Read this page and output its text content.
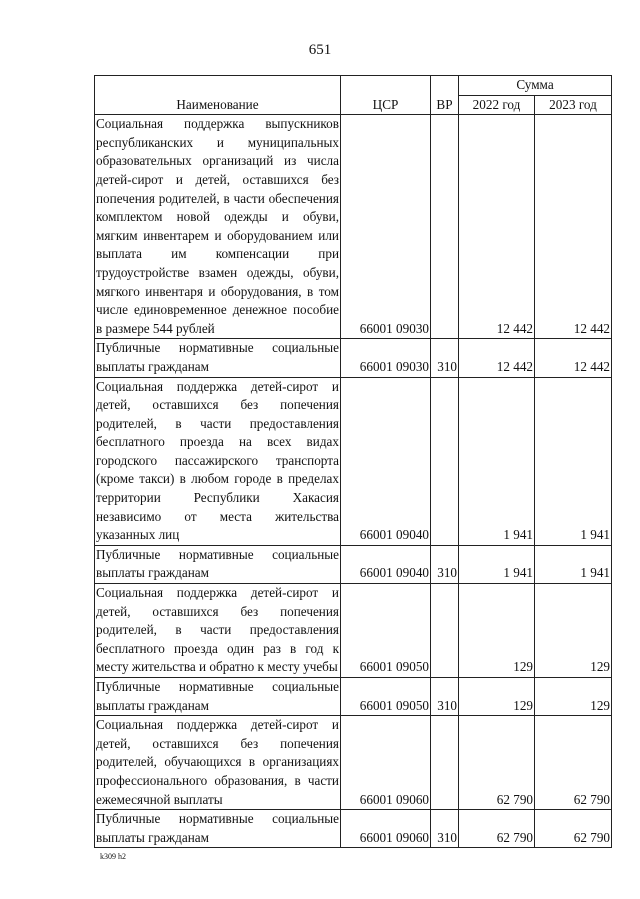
651
Наименование	ЦСР	ВР	Сумма	
			2022 год	2023 год
Социальная поддержка выпускников республиканских и муниципальных образовательных организаций из числа детей-сирот и детей, оставшихся без попечения родителей, в части обеспечения комплектом новой одежды и обуви, мягким инвентарем и оборудованием или выплата им компенсации при трудоустройстве взамен одежды, обуви, мягкого инвентаря и оборудования, в том числе единовременное денежное пособие в размере 544 рублей	66001 09030		12 442	12 442
Публичные нормативные социальные выплаты гражданам	66001 09030	310	12 442	12 442
Социальная поддержка детей-сирот и детей, оставшихся без попечения родителей, в части предоставления бесплатного проезда на всех видах городского пассажирского транспорта (кроме такси) в любом городе в пределах территории Республики Хакасия независимо от места жительства указанных лиц	66001 09040		1 941	1 941
Публичные нормативные социальные выплаты гражданам	66001 09040	310	1 941	1 941
Социальная поддержка детей-сирот и детей, оставшихся без попечения родителей, в части предоставления бесплатного проезда один раз в год к месту жительства и обратно к месту учебы	66001 09050		129	129
Публичные нормативные социальные выплаты гражданам	66001 09050	310	129	129
Социальная поддержка детей-сирот и детей, оставшихся без попечения родителей, обучающихся в организациях профессионального образования, в части ежемесячной выплаты	66001 09060		62 790	62 790
Публичные нормативные социальные выплаты гражданам	66001 09060	310	62 790	62 790
k309 h2
